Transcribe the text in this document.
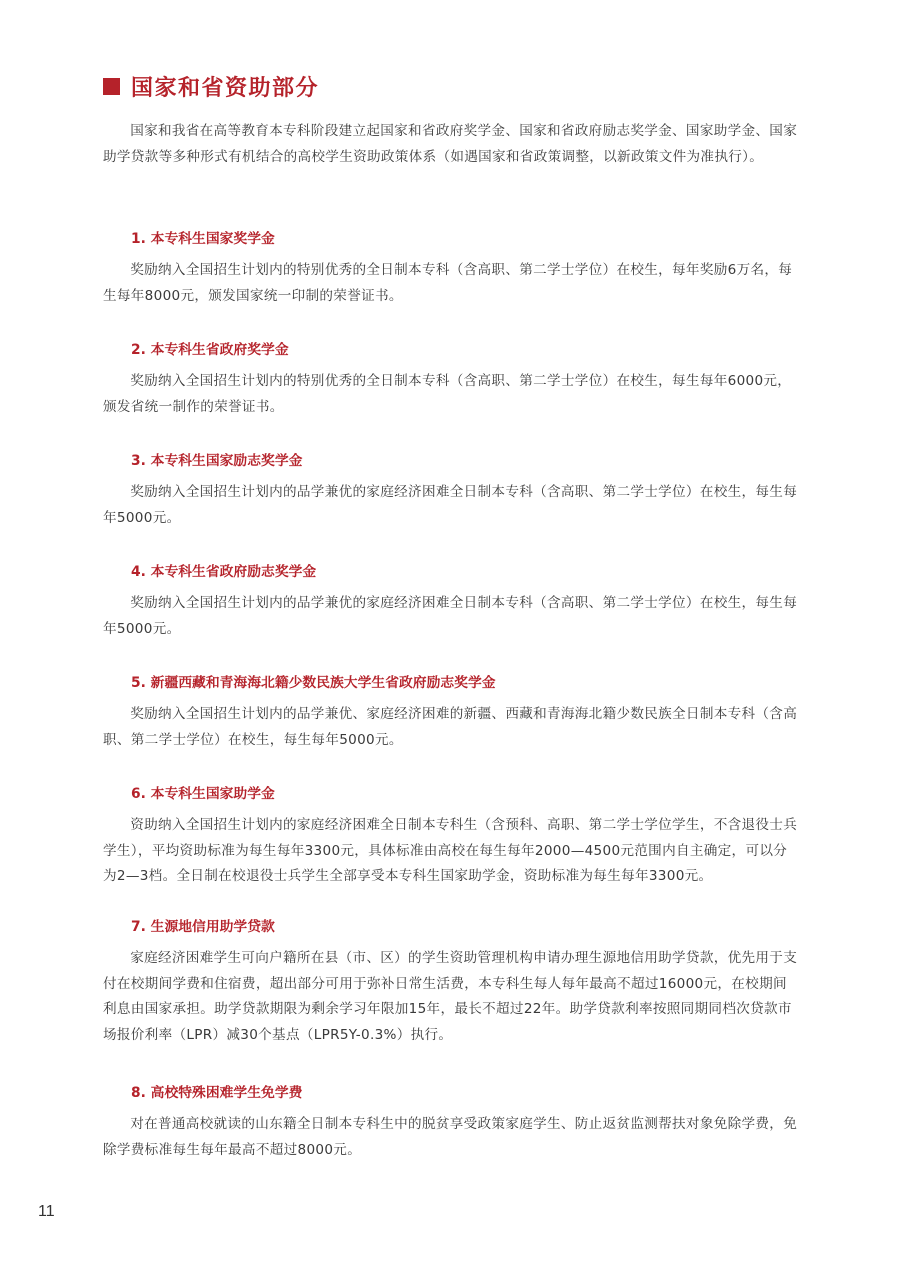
国家和省资助部分

国家和我省在高等教育本专科阶段建立起国家和省政府奖学金、国家和省政府励志奖学金、国家助学金、国家助学贷款等多种形式有机结合的高校学生资助政策体系（如遇国家和省政策调整，以新政策文件为准执行）。

1. 本专科生国家奖学金

奖励纳入全国招生计划内的特别优秀的全日制本专科（含高职、第二学士学位）在校生，每年奖励6万名，每生每年8000元，颁发国家统一印制的荣誉证书。

2. 本专科生省政府奖学金

奖励纳入全国招生计划内的特别优秀的全日制本专科（含高职、第二学士学位）在校生，每生每年6000元，颁发省统一制作的荣誉证书。

3. 本专科生国家励志奖学金

奖励纳入全国招生计划内的品学兼优的家庭经济困难全日制本专科（含高职、第二学士学位）在校生，每生每年5000元。

4. 本专科生省政府励志奖学金

奖励纳入全国招生计划内的品学兼优的家庭经济困难全日制本专科（含高职、第二学士学位）在校生，每生每年5000元。

5. 新疆西藏和青海海北籍少数民族大学生省政府励志奖学金

奖励纳入全国招生计划内的品学兼优、家庭经济困难的新疆、西藏和青海海北籍少数民族全日制本专科（含高职、第二学士学位）在校生，每生每年5000元。

6. 本专科生国家助学金

资助纳入全国招生计划内的家庭经济困难全日制本专科生（含预科、高职、第二学士学位学生，不含退役士兵学生），平均资助标准为每生每年3300元，具体标准由高校在每生每年2000—4500元范围内自主确定，可以分为2—3档。全日制在校退役士兵学生全部享受本专科生国家助学金，资助标准为每生每年3300元。

7. 生源地信用助学贷款

家庭经济困难学生可向户籍所在县（市、区）的学生资助管理机构申请办理生源地信用助学贷款，优先用于支付在校期间学费和住宿费，超出部分可用于弥补日常生活费，本专科生每人每年最高不超过16000元，在校期间利息由国家承担。助学贷款期限为剩余学习年限加15年，最长不超过22年。助学贷款利率按照同期同档次贷款市场报价利率（LPR）减30个基点（LPR5Y-0.3%）执行。

8. 高校特殊困难学生免学费

对在普通高校就读的山东籍全日制本专科生中的脱贫享受政策家庭学生、防止返贫监测帮扶对象免除学费，免除学费标准每生每年最高不超过8000元。

11
